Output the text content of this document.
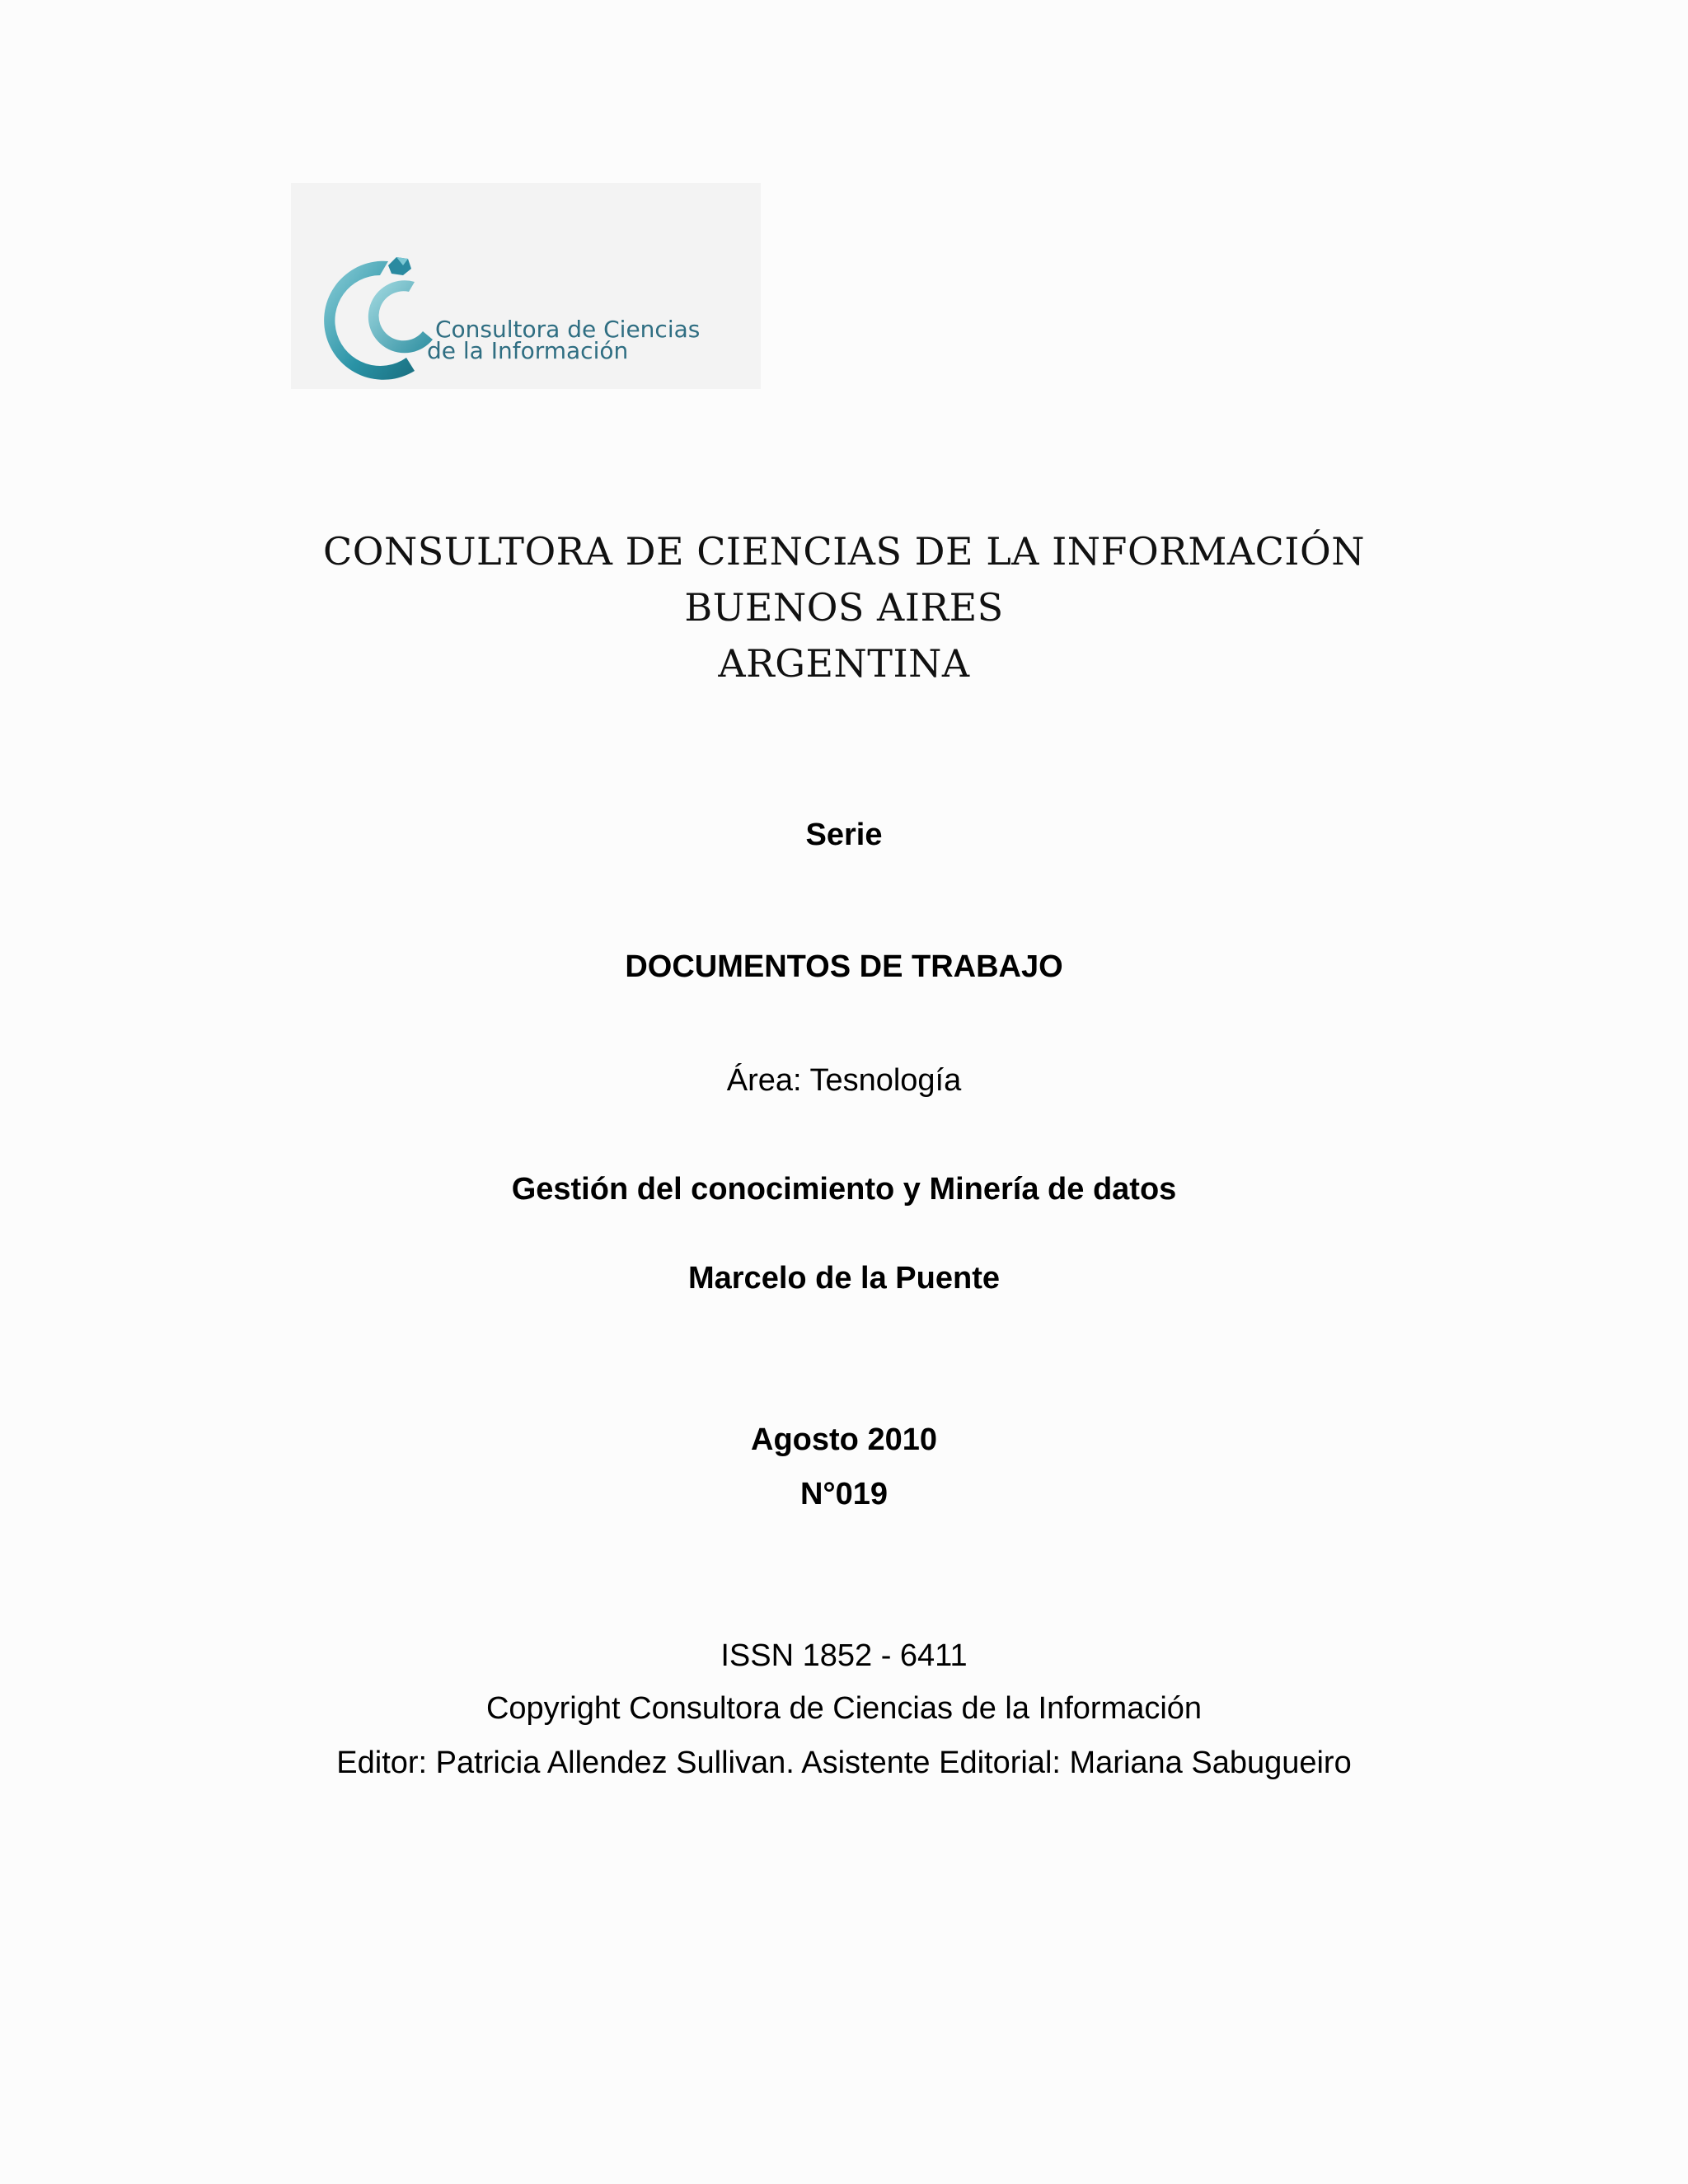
Consultora de Ciencias
de la Información
CONSULTORA DE CIENCIAS DE LA INFORMACIÓN
BUENOS AIRES
ARGENTINA
Serie
DOCUMENTOS DE TRABAJO
Área: Tesnología
Gestión del conocimiento y Minería de datos
Marcelo de la Puente
Agosto 2010
N°019
ISSN 1852 - 6411
Copyright Consultora de Ciencias de la Información
Editor: Patricia Allendez Sullivan. Asistente Editorial: Mariana Sabugueiro
